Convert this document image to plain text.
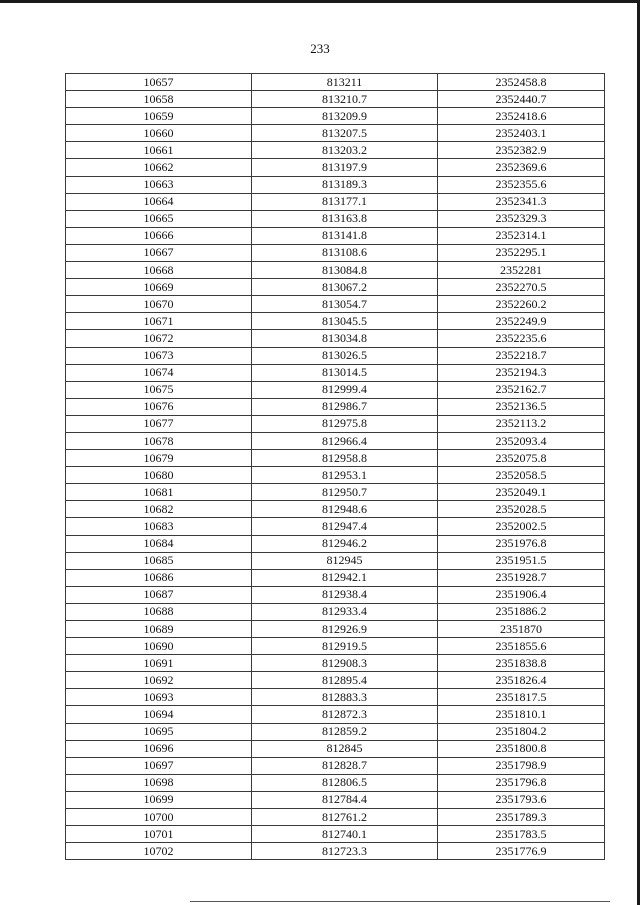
233
10657	813211	2352458.8
10658	813210.7	2352440.7
10659	813209.9	2352418.6
10660	813207.5	2352403.1
10661	813203.2	2352382.9
10662	813197.9	2352369.6
10663	813189.3	2352355.6
10664	813177.1	2352341.3
10665	813163.8	2352329.3
10666	813141.8	2352314.1
10667	813108.6	2352295.1
10668	813084.8	2352281
10669	813067.2	2352270.5
10670	813054.7	2352260.2
10671	813045.5	2352249.9
10672	813034.8	2352235.6
10673	813026.5	2352218.7
10674	813014.5	2352194.3
10675	812999.4	2352162.7
10676	812986.7	2352136.5
10677	812975.8	2352113.2
10678	812966.4	2352093.4
10679	812958.8	2352075.8
10680	812953.1	2352058.5
10681	812950.7	2352049.1
10682	812948.6	2352028.5
10683	812947.4	2352002.5
10684	812946.2	2351976.8
10685	812945	2351951.5
10686	812942.1	2351928.7
10687	812938.4	2351906.4
10688	812933.4	2351886.2
10689	812926.9	2351870
10690	812919.5	2351855.6
10691	812908.3	2351838.8
10692	812895.4	2351826.4
10693	812883.3	2351817.5
10694	812872.3	2351810.1
10695	812859.2	2351804.2
10696	812845	2351800.8
10697	812828.7	2351798.9
10698	812806.5	2351796.8
10699	812784.4	2351793.6
10700	812761.2	2351789.3
10701	812740.1	2351783.5
10702	812723.3	2351776.9
